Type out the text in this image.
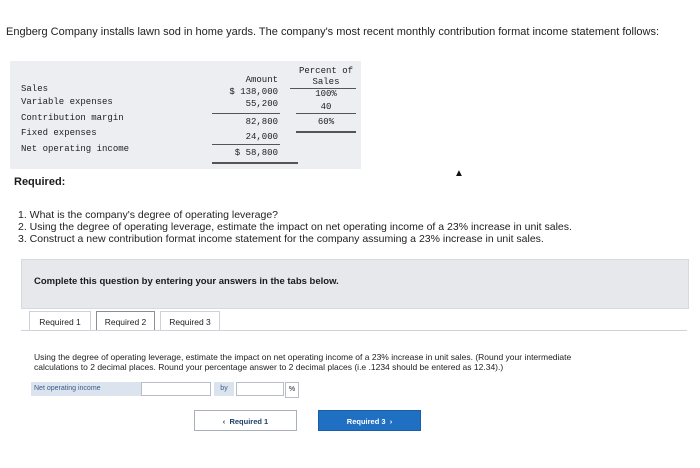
Engberg Company installs lawn sod in home yards. The company's most recent monthly contribution format income statement follows:
Amount
Percent of
Sales
Sales	$ 138,000	100%
Variable expenses	55,200	40
Contribution margin	82,800	60%
Fixed expenses	24,000
Net operating income	$ 58,800
▲
Required:
1. What is the company's degree of operating leverage?
2. Using the degree of operating leverage, estimate the impact on net operating income of a 23% increase in unit sales.
3. Construct a new contribution format income statement for the company assuming a 23% increase in unit sales.
Complete this question by entering your answers in the tabs below.
Required 1	Required 2	Required 3
Using the degree of operating leverage, estimate the impact on net operating income of a 23% increase in unit sales. (Round your intermediate calculations to 2 decimal places. Round your percentage answer to 2 decimal places (i.e .1234 should be entered as 12.34).)
Net operating income	by	%
‹ Required 1	Required 3 ›
